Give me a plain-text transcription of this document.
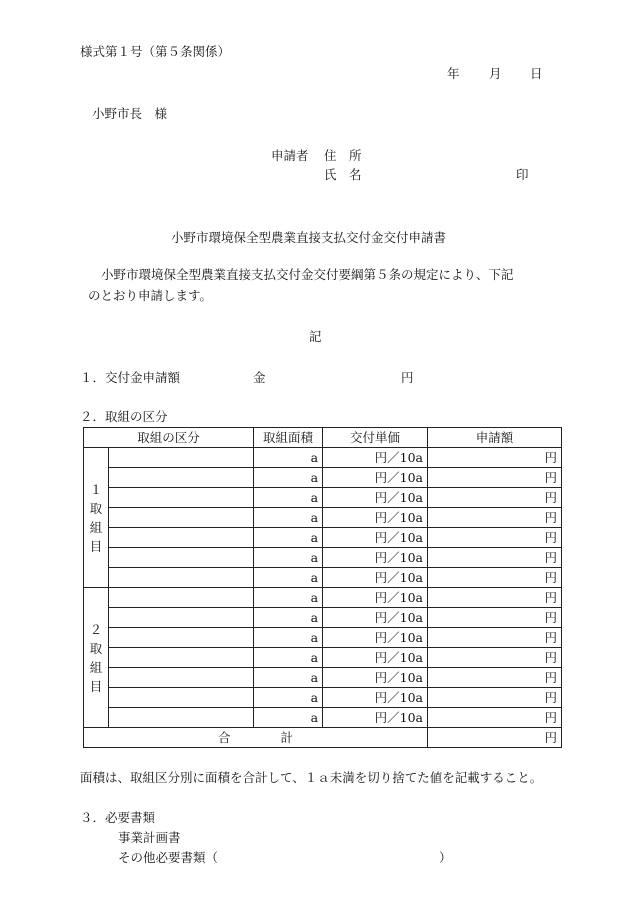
様式第１号（第５条関係）
年 月 日
小野市長　様
申請者 住　所
氏　名	印
小野市環境保全型農業直接支払交付金交付申請書
小野市環境保全型農業直接支払交付金交付要綱第５条の規定により、下記
のとおり申請します。
記
１．交付金申請額	金	円
２．取組の区分
取組の区分		取組面積	交付単価	申請額

１
取
組
目		a	円／10a	円
		a	円／10a	円
		a	円／10a	円
		a	円／10a	円
		a	円／10a	円
		a	円／10a	円
		a	円／10a	円

２
取
組
目		a	円／10a	円
		a	円／10a	円
		a	円／10a	円
		a	円／10a	円
		a	円／10a	円
		a	円／10a	円
		a	円／10a	円
合　　　　計				円
面積は、取組区分別に面積を合計して、１ａ未満を切り捨てた値を記載すること。
３．必要書類
事業計画書
その他必要書類（	）
